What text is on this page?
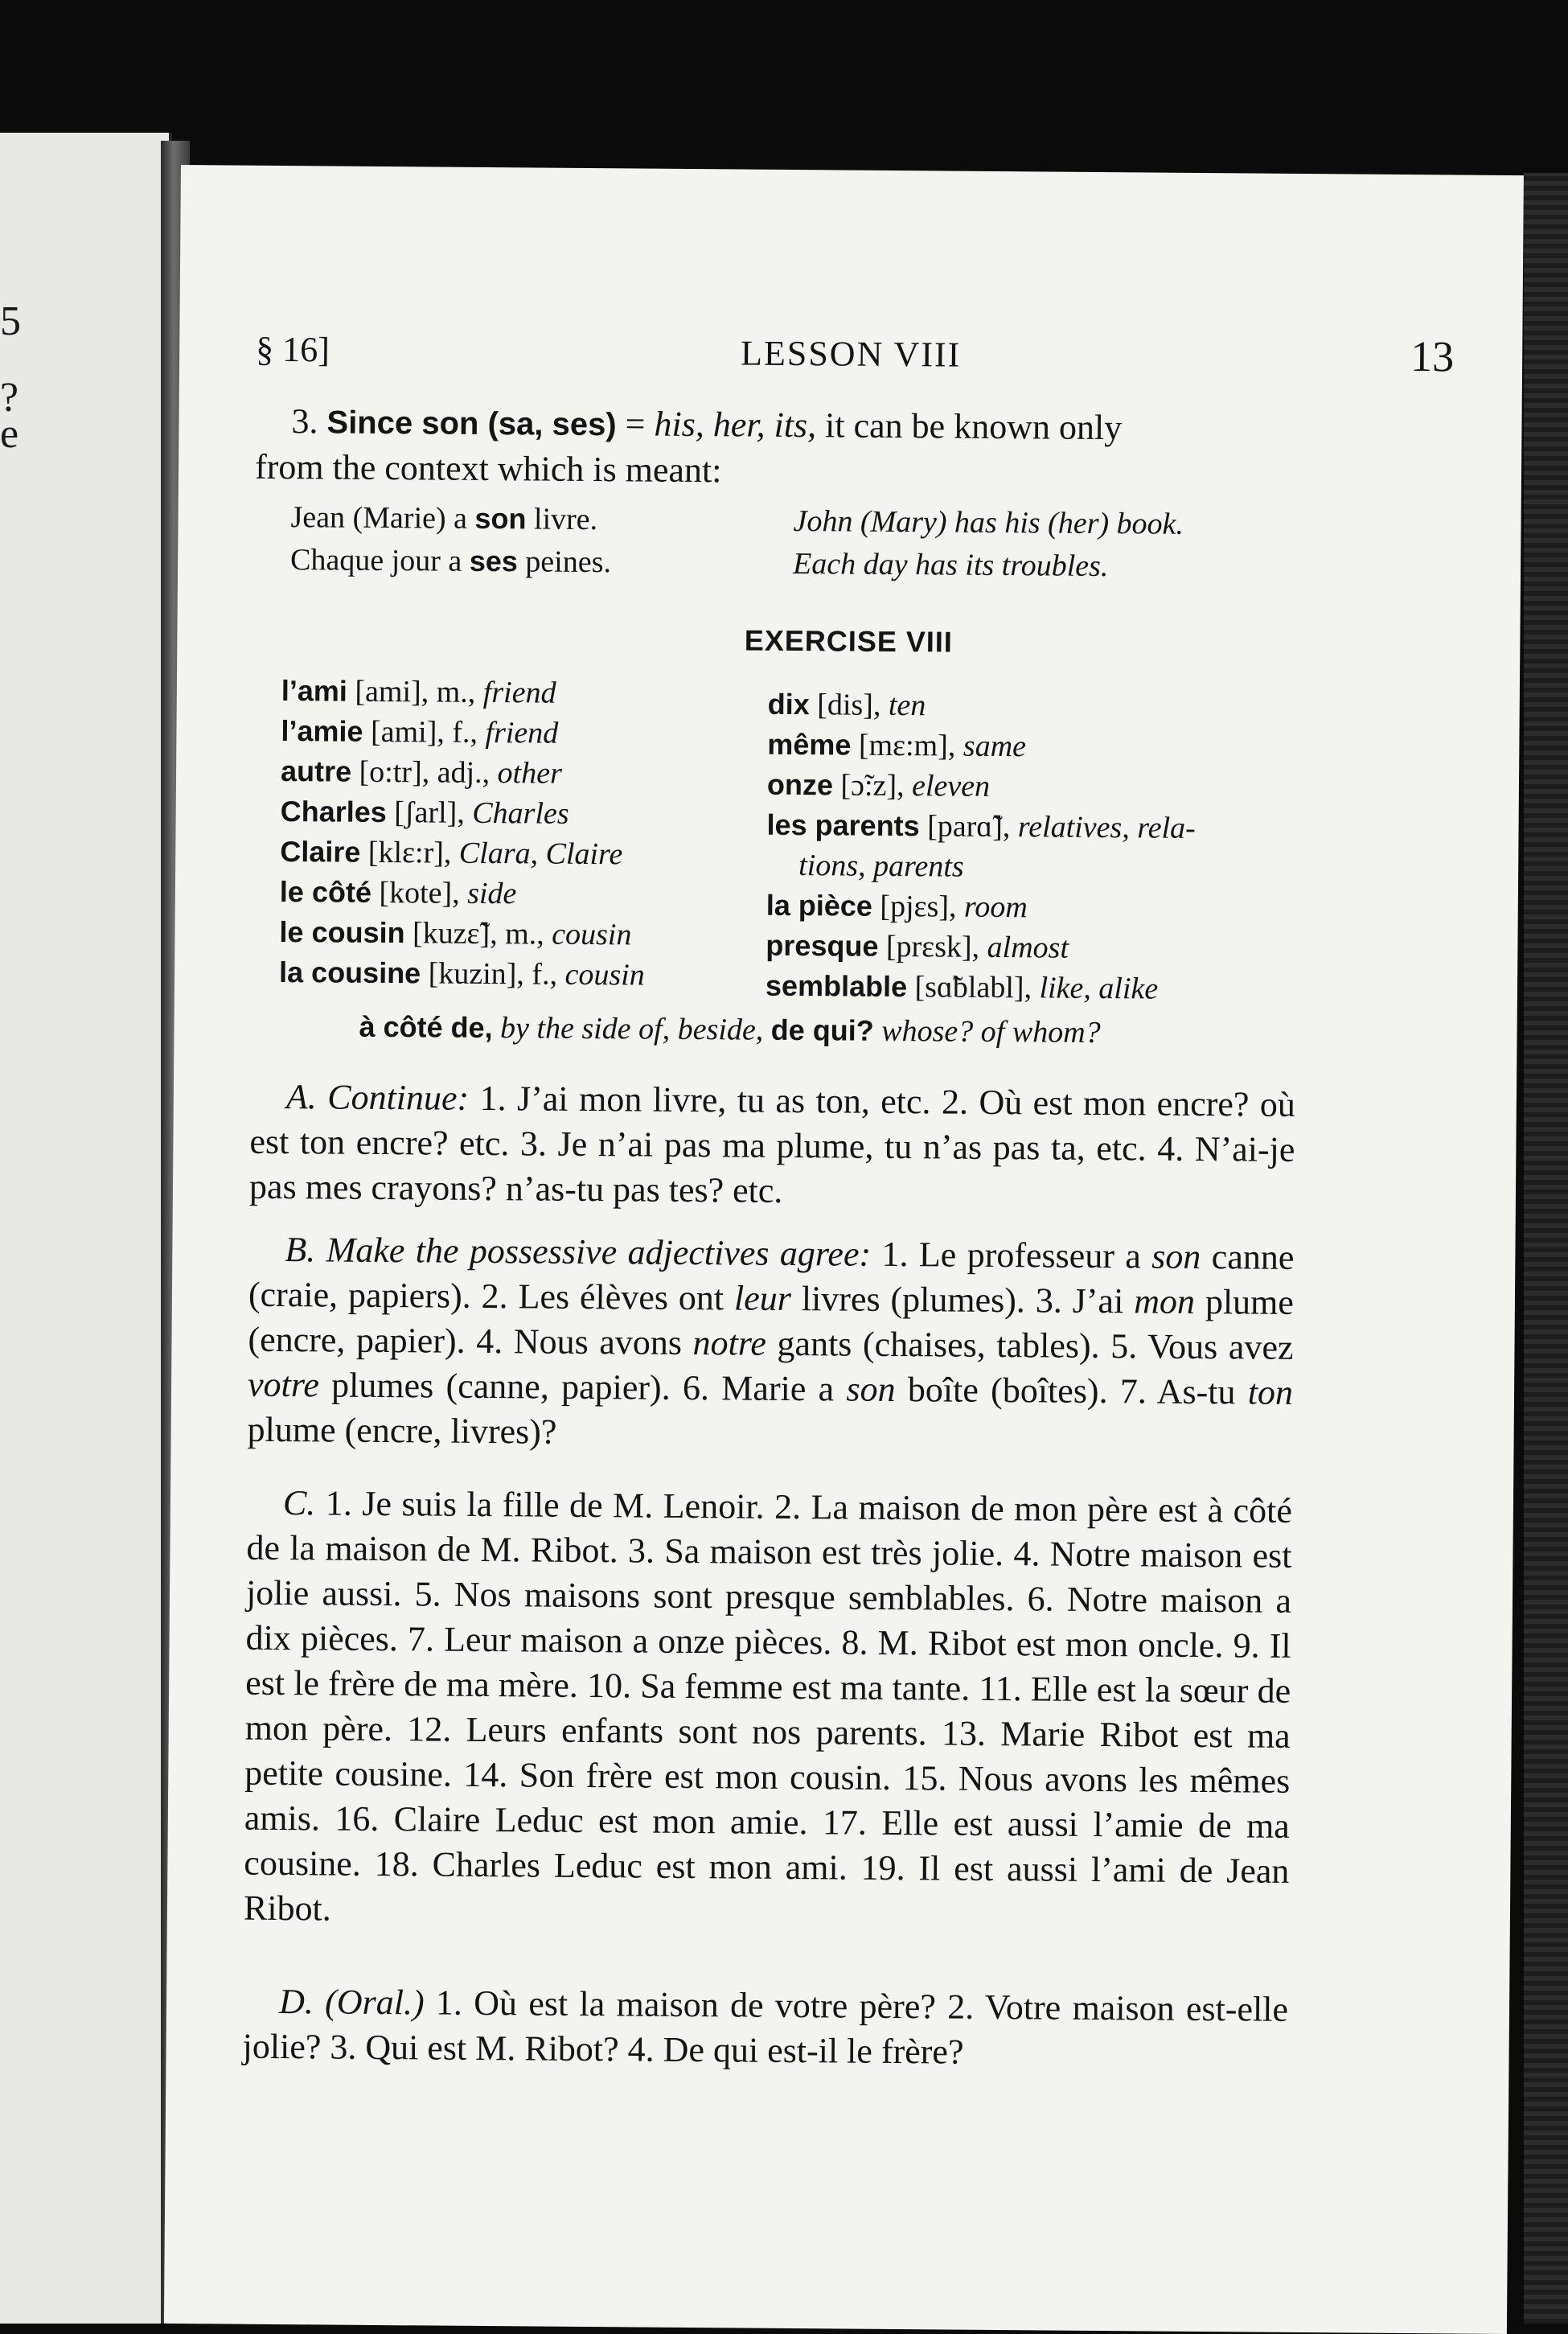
5
?
e
§ 16]	LESSON VIII	13
3. Since son (sa, ses) = his, her, its, it can be known only
from the context which is meant:
Jean (Marie) a son livre.	John (Mary) has his (her) book.
Chaque jour a ses peines.	Each day has its troubles.
EXERCISE VIII
l’ami [ami], m., friend
l’amie [ami], f., friend
autre [o:tr], adj., other
Charles [ʃarl], Charles
Claire [klɛ:r], Clara, Claire
le côté [kote], side
le cousin [kuzɛ̃], m., cousin
la cousine [kuzin], f., cousin
dix [dis], ten
même [mɛ:m], same
onze [ɔ̃:z], eleven
les parents [parɑ̃], relatives, rela-
tions, parents
la pièce [pjɛs], room
presque [prɛsk], almost
semblable [sɑ̃blabl], like, alike
à côté de, by the side of, beside, de qui? whose? of whom?
A. Continue: 1. J’ai mon livre, tu as ton, etc. 2. Où est mon encre? où est ton encre? etc. 3. Je n’ai pas ma plume, tu n’as pas ta, etc. 4. N’ai-je pas mes crayons? n’as-tu pas tes? etc.
B. Make the possessive adjectives agree: 1. Le professeur a son canne (craie, papiers). 2. Les élèves ont leur livres (plumes). 3. J’ai mon plume (encre, papier). 4. Nous avons notre gants (chaises, tables). 5. Vous avez votre plumes (canne, papier). 6. Marie a son boîte (boîtes). 7. As-tu ton plume (encre, livres)?
C. 1. Je suis la fille de M. Lenoir. 2. La maison de mon père est à côté de la maison de M. Ribot. 3. Sa maison est très jolie. 4. Notre maison est jolie aussi. 5. Nos maisons sont presque semblables. 6. Notre maison a dix pièces. 7. Leur maison a onze pièces. 8. M. Ribot est mon oncle. 9. Il est le frère de ma mère. 10. Sa femme est ma tante. 11. Elle est la sœur de mon père. 12. Leurs enfants sont nos parents. 13. Marie Ribot est ma petite cousine. 14. Son frère est mon cousin. 15. Nous avons les mêmes amis. 16. Claire Leduc est mon amie. 17. Elle est aussi l’amie de ma cousine. 18. Charles Leduc est mon ami. 19. Il est aussi l’ami de Jean Ribot.
D. (Oral.) 1. Où est la maison de votre père? 2. Votre maison est-elle jolie? 3. Qui est M. Ribot? 4. De qui est-il le frère?
